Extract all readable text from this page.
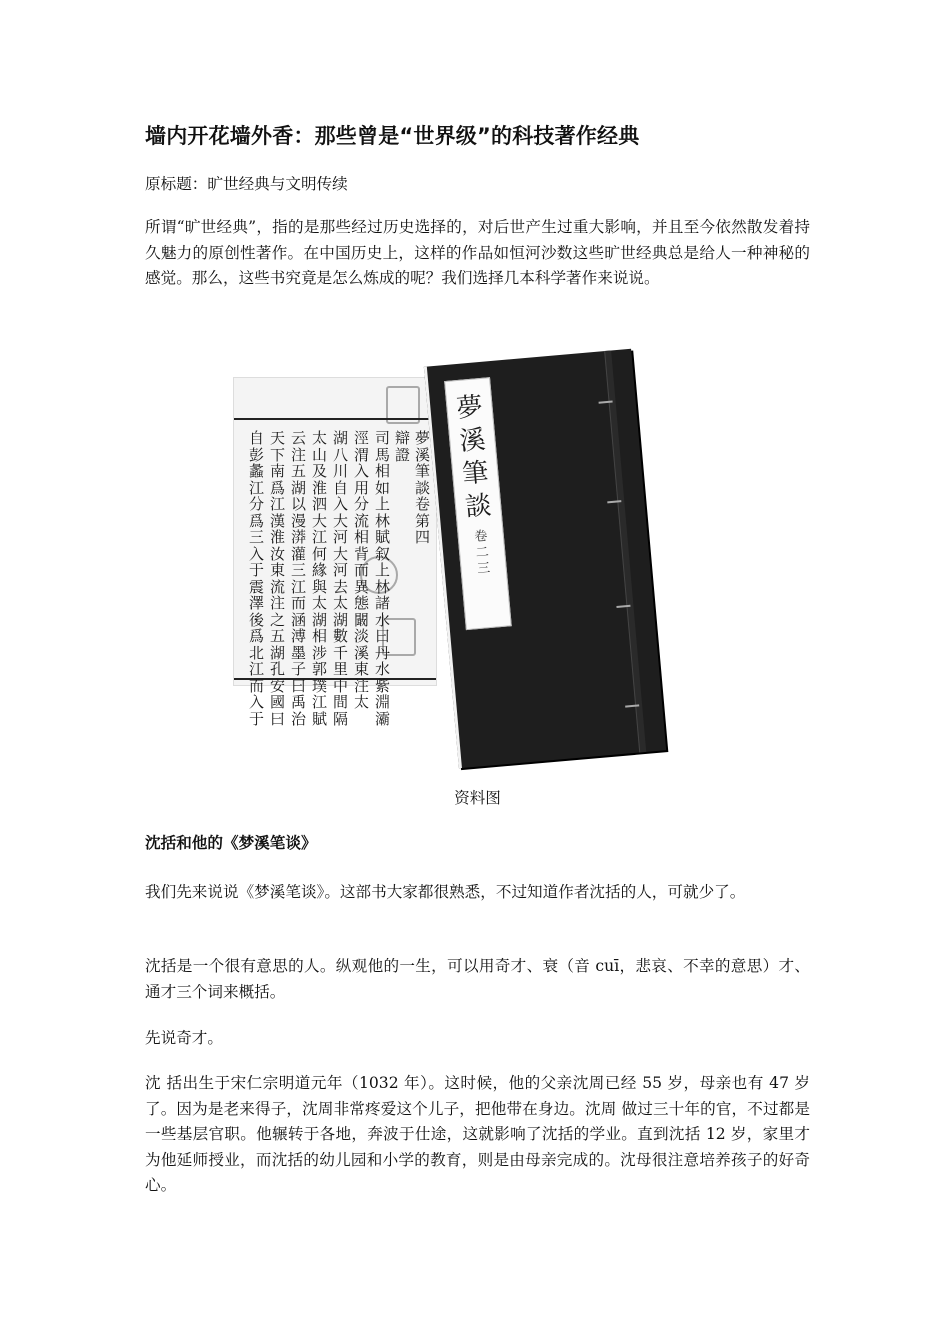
墙内开花墙外香：那些曾是“世界级”的科技著作经典
原标题：旷世经典与文明传续
所谓“旷世经典”，指的是那些经过历史选择的，对后世产生过重大影响，并且至今依然散发着持久魅力的原创性著作。在中国历史上，这样的作品如恒河沙数这些旷世经典总是给人一种神秘的感觉。那么，这些书究竟是怎么炼成的呢？我们选择几本科学著作来说说。
夢溪筆談卷第四
辯證
司馬相如上林賦叙上林諸水曰丹水紫淵灞
涇渭入用分流相背而異態闞淡溪東注太
湖八川自入大河大河去太湖數千里中間隔
太山及淮泗大江何緣與太湖相涉郭璞江賦
云注五湖以漫漭灌三江而涵溥墨子曰禹治
天下南爲江漢淮汝東流注之五湖孔安國曰
自彭蠡江分爲三入于震澤後爲北江而入于
夢溪筆談
卷二三
资料图
沈括和他的《梦溪笔谈》
我们先来说说《梦溪笔谈》。这部书大家都很熟悉，不过知道作者沈括的人，可就少了。
沈括是一个很有意思的人。纵观他的一生，可以用奇才、衰（音 cuī，悲哀、不幸的意思）才、通才三个词来概括。
先说奇才。
沈 括出生于宋仁宗明道元年（1032 年）。这时候，他的父亲沈周已经 55 岁，母亲也有 47 岁了。因为是老来得子，沈周非常疼爱这个儿子，把他带在身边。沈周 做过三十年的官，不过都是一些基层官职。他辗转于各地，奔波于仕途，这就影响了沈括的学业。直到沈括 12 岁，家里才为他延师授业，而沈括的幼儿园和小学的教育，则是由母亲完成的。沈母很注意培养孩子的好奇心。
